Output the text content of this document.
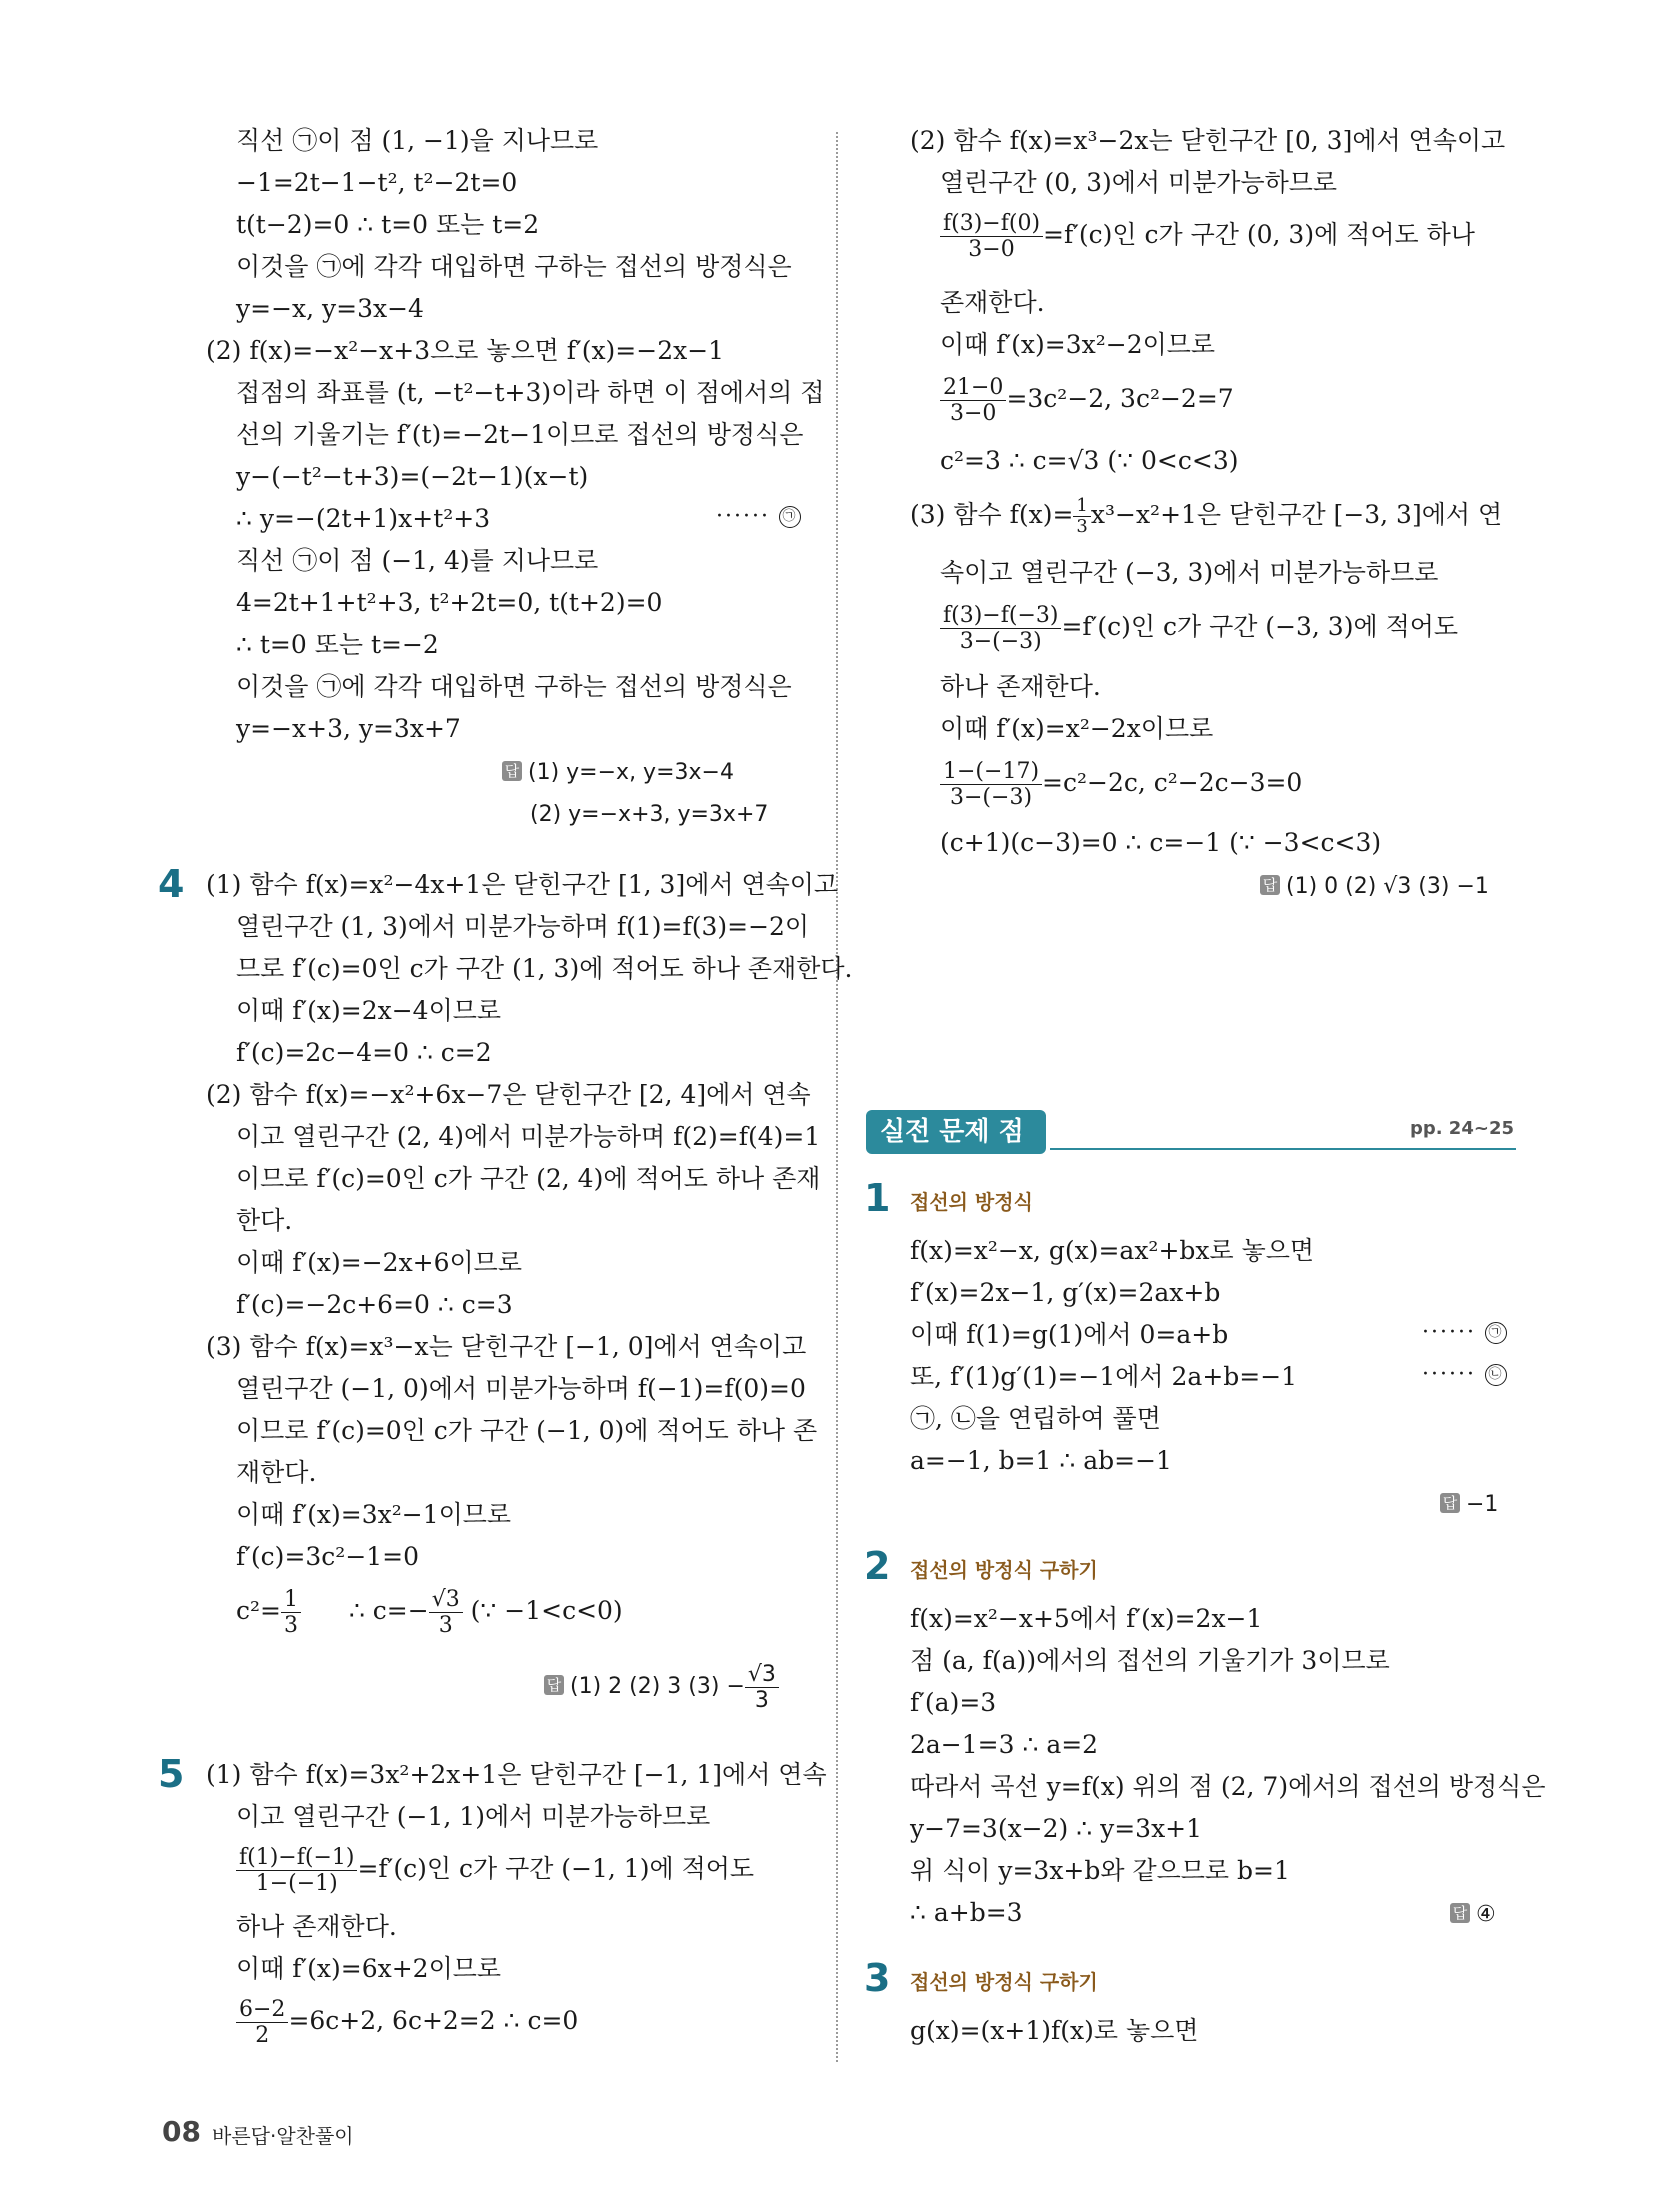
직선 ㉠이 점 (1, −1)을 지나므로
−1=2t−1−t², t²−2t=0
t(t−2)=0 ∴ t=0 또는 t=2
이것을 ㉠에 각각 대입하면 구하는 접선의 방정식은
y=−x, y=3x−4
(2) f(x)=−x²−x+3으로 놓으면 f′(x)=−2x−1
접점의 좌표를 (t, −t²−t+3)이라 하면 이 점에서의 접
선의 기울기는 f′(t)=−2t−1이므로 접선의 방정식은
y−(−t²−t+3)=(−2t−1)(x−t)
∴ y=−(2t+1)x+t²+3	······ ㉠
직선 ㉠이 점 (−1, 4)를 지나므로
4=2t+1+t²+3, t²+2t=0, t(t+2)=0
∴ t=0 또는 t=−2
이것을 ㉠에 각각 대입하면 구하는 접선의 방정식은
y=−x+3, y=3x+7
답 (1) y=−x, y=3x−4
(2) y=−x+3, y=3x+7
4 (1) 함수 f(x)=x²−4x+1은 닫힌구간 [1, 3]에서 연속이고
열린구간 (1, 3)에서 미분가능하며 f(1)=f(3)=−2이
므로 f′(c)=0인 c가 구간 (1, 3)에 적어도 하나 존재한다.
이때 f′(x)=2x−4이므로
f′(c)=2c−4=0 ∴ c=2
(2) 함수 f(x)=−x²+6x−7은 닫힌구간 [2, 4]에서 연속
이고 열린구간 (2, 4)에서 미분가능하며 f(2)=f(4)=1
이므로 f′(c)=0인 c가 구간 (2, 4)에 적어도 하나 존재
한다.
이때 f′(x)=−2x+6이므로
f′(c)=−2c+6=0 ∴ c=3
(3) 함수 f(x)=x³−x는 닫힌구간 [−1, 0]에서 연속이고
열린구간 (−1, 0)에서 미분가능하며 f(−1)=f(0)=0
이므로 f′(c)=0인 c가 구간 (−1, 0)에 적어도 하나 존
재한다.
이때 f′(x)=3x²−1이므로
f′(c)=3c²−1=0
$c^2= \frac{1}{3}$ ∴ $c=- \frac{√3}{3}$ (∵ −1<c<0)
답 (1) 2 (2) 3 $(3) - \frac{√3}{3}$
5 (1) 함수 f(x)=3x²+2x+1은 닫힌구간 [−1, 1]에서 연속
이고 열린구간 (−1, 1)에서 미분가능하므로
$\frac{f(1)-f(-1)}{1-(-1)} =f'(c)$인 c가 구간 (−1, 1)에 적어도
하나 존재한다.
이때 f′(x)=6x+2이므로
$\frac{6-2}{2} =6c+2$, 6c+2=2 ∴ c=0
(2) 함수 f(x)=x³−2x는 닫힌구간 [0, 3]에서 연속이고
열린구간 (0, 3)에서 미분가능하므로
$\frac{f(3)-f(0)}{3-0} =f'(c)$인 c가 구간 (0, 3)에 적어도 하나
존재한다.
이때 f′(x)=3x²−2이므로
$\frac{21-0}{3-0} =3c^2-2$, 3c²−2=7
c²=3 ∴ c=√3 (∵ 0<c<3)
(3) 함수 $f(x)= \frac{1}{3} x^3-x^2+1$은 닫힌구간 [−3, 3]에서 연
속이고 열린구간 (−3, 3)에서 미분가능하므로
$\frac{f(3)-f(-3)}{3-(-3)} =f'(c)$인 c가 구간 (−3, 3)에 적어도
하나 존재한다.
이때 f′(x)=x²−2x이므로
$\frac{1-(-17)}{3-(-3)} =c^2-2c$, c²−2c−3=0
(c+1)(c−3)=0 ∴ c=−1 (∵ −3<c<3)
답 (1) 0 (2) √3 (3) −1
실전 문제 점검
pp. 24~25
1 접선의 방정식
f(x)=x²−x, g(x)=ax²+bx로 놓으면
f′(x)=2x−1, g′(x)=2ax+b
이때 f(1)=g(1)에서 0=a+b	······ ㉠
또, f′(1)g′(1)=−1에서 2a+b=−1	······ ㉡
㉠, ㉡을 연립하여 풀면
a=−1, b=1 ∴ ab=−1
답 −1
2 접선의 방정식 구하기
f(x)=x²−x+5에서 f′(x)=2x−1
점 (a, f(a))에서의 접선의 기울기가 3이므로
f′(a)=3
2a−1=3 ∴ a=2
따라서 곡선 y=f(x) 위의 점 (2, 7)에서의 접선의 방정식은
y−7=3(x−2) ∴ y=3x+1
위 식이 y=3x+b와 같으므로 b=1
∴ a+b=3	답 ④
3 접선의 방정식 구하기
g(x)=(x+1)f(x)로 놓으면
08 바른답·알찬풀이
